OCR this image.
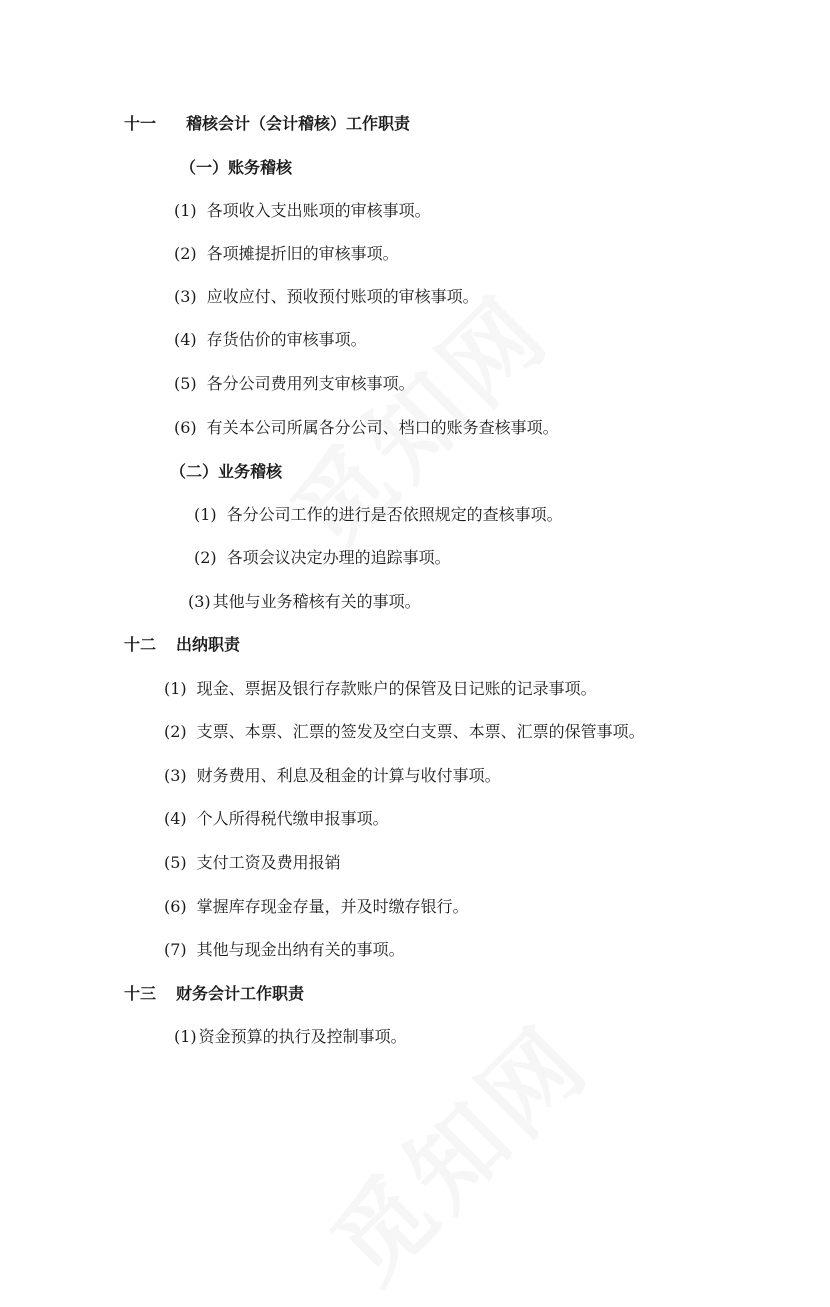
十一 稽核会计（会计稽核）工作职责
（一）账务稽核
(1) 各项收入支出账项的审核事项。
(2) 各项摊提折旧的审核事项。
(3) 应收应付、预收预付账项的审核事项。
(4) 存货估价的审核事项。
(5) 各分公司费用列支审核事项。
(6) 有关本公司所属各分公司、档口的账务查核事项。
（二）业务稽核
(1) 各分公司工作的进行是否依照规定的查核事项。
(2) 各项会议决定办理的追踪事项。
(3) 其他与业务稽核有关的事项。
十二 出纳职责
(1) 现金、票据及银行存款账户的保管及日记账的记录事项。
(2) 支票、本票、汇票的签发及空白支票、本票、汇票的保管事项。
(3) 财务费用、利息及租金的计算与收付事项。
(4) 个人所得税代缴申报事项。
(5) 支付工资及费用报销
(6) 掌握库存现金存量，并及时缴存银行。
(7) 其他与现金出纳有关的事项。
十三 财务会计工作职责
(1) 资金预算的执行及控制事项。
